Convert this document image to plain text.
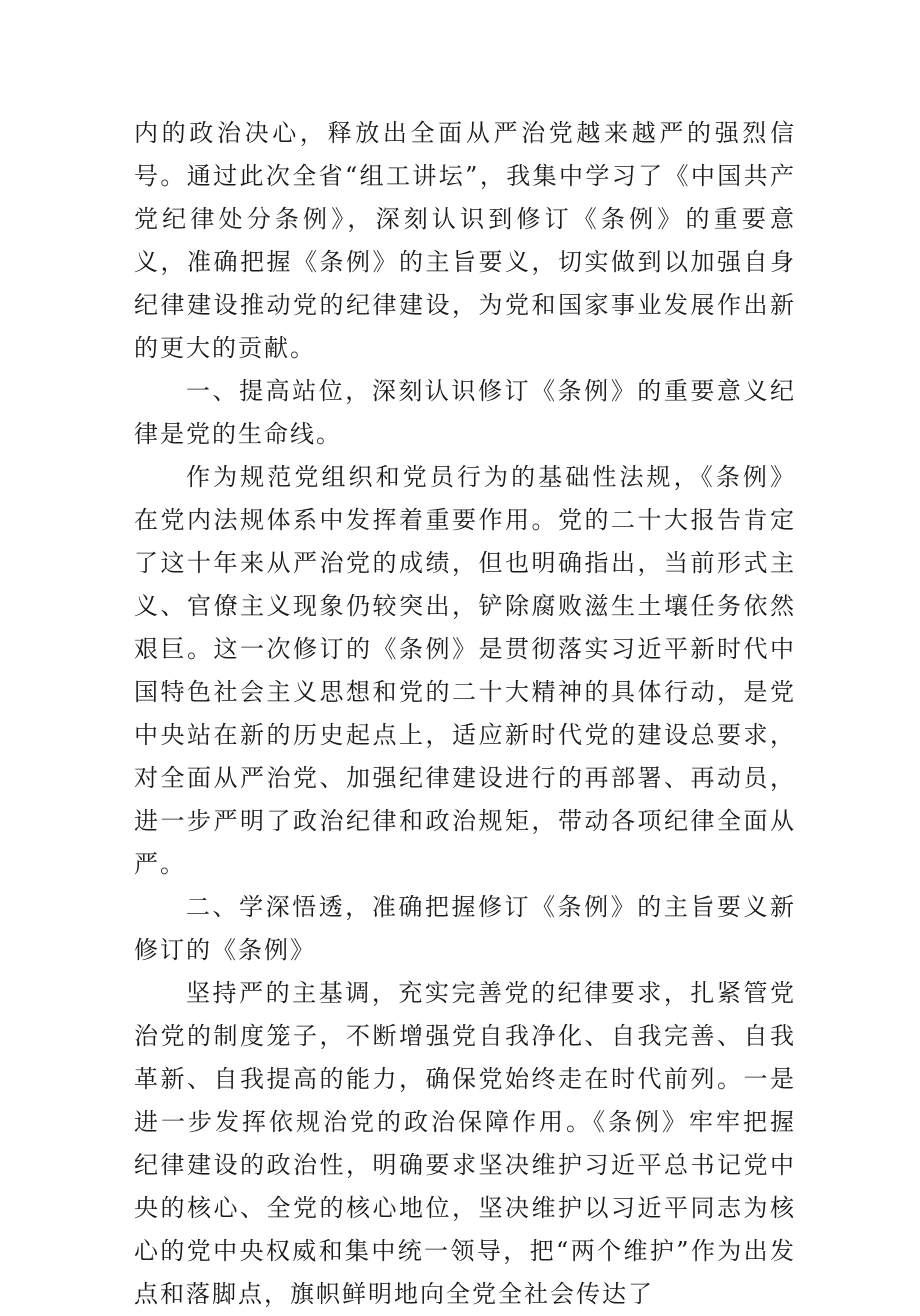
内的政治决心，释放出全面从严治党越来越严的强烈信号。通过此次全省“组工讲坛”，我集中学习了《中国共产党纪律处分条例》，深刻认识到修订《条例》的重要意义，准确把握《条例》的主旨要义，切实做到以加强自身纪律建设推动党的纪律建设，为党和国家事业发展作出新的更大的贡献。

一、提高站位，深刻认识修订《条例》的重要意义纪律是党的生命线。

作为规范党组织和党员行为的基础性法规，《条例》在党内法规体系中发挥着重要作用。党的二十大报告肯定了这十年来从严治党的成绩，但也明确指出，当前形式主义、官僚主义现象仍较突出，铲除腐败滋生土壤任务依然艰巨。这一次修订的《条例》是贯彻落实习近平新时代中国特色社会主义思想和党的二十大精神的具体行动，是党中央站在新的历史起点上，适应新时代党的建设总要求，对全面从严治党、加强纪律建设进行的再部署、再动员，进一步严明了政治纪律和政治规矩，带动各项纪律全面从严。

二、学深悟透，准确把握修订《条例》的主旨要义新修订的《条例》

坚持严的主基调，充实完善党的纪律要求，扎紧管党治党的制度笼子，不断增强党自我净化、自我完善、自我革新、自我提高的能力，确保党始终走在时代前列。一是进一步发挥依规治党的政治保障作用。《条例》牢牢把握纪律建设的政治性，明确要求坚决维护习近平总书记党中央的核心、全党的核心地位，坚决维护以习近平同志为核心的党中央权威和集中统一领导，把“两个维护”作为出发点和落脚点，旗帜鲜明地向全党全社会传达了
